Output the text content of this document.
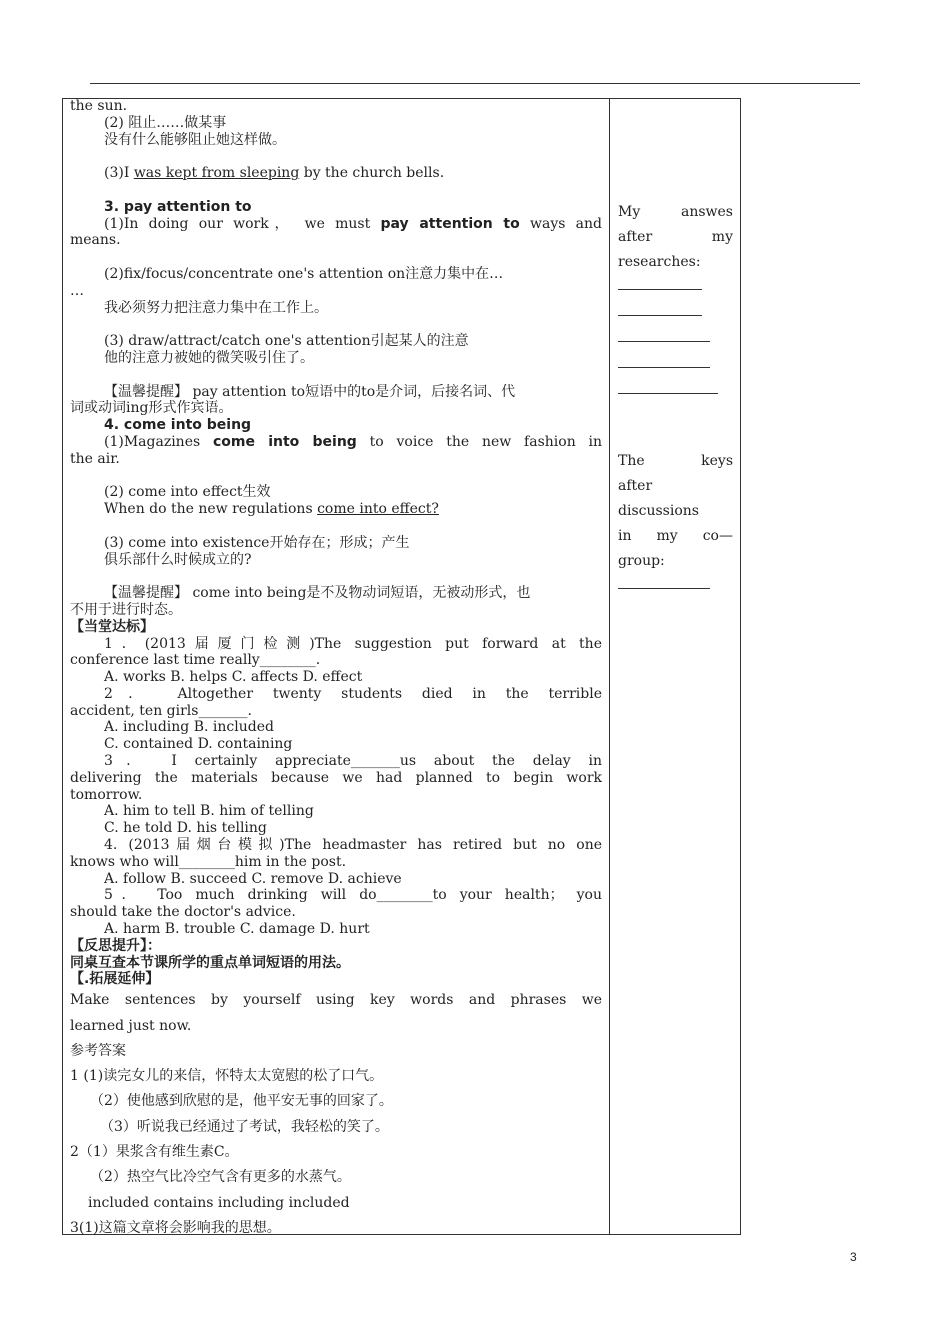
the sun.
(2) 阻止……做某事
没有什么能够阻止她这样做。
(3)I was kept from sleeping by the church bells.
3. pay attention to
(1)In doing our work， we must pay attention to ways and
means.
(2)fix/focus/concentrate one's attention on注意力集中在…
…
我必须努力把注意力集中在工作上。
(3) draw/attract/catch one's attention引起某人的注意
他的注意力被她的微笑吸引住了。
【温馨提醒】 pay attention to短语中的to是介词，后接名词、代
词或动词ing形式作宾语。
4. come into being
(1)Magazines come into being to voice the new fashion in
the air.
(2) come into effect生效
When do the new regulations come into effect?
(3) come into existence开始存在；形成；产生
俱乐部什么时候成立的?
【温馨提醒】 come into being是不及物动词短语，无被动形式，也
不用于进行时态。
【当堂达标】
1．(2013届厦门检测)The suggestion put forward at the
conference last time really________.
A. works B. helps C. affects D. effect
2． Altogether twenty students died in the terrible
accident, ten girls_______.
A. including B. included
C. contained D. containing
3． I certainly appreciate_______us about the delay in
delivering the materials because we had planned to begin work
tomorrow.
A. him to tell B. him of telling
C. he told D. his telling
4. (2013届烟台模拟)The headmaster has retired but no one
knows who will________him in the post.
A. follow B. succeed C. remove D. achieve
5． Too much drinking will do________to your health； you
should take the doctor's advice.
A. harm B. trouble C. damage D. hurt
【反思提升】：
同桌互查本节课所学的重点单词短语的用法。
【.拓展延伸】
Make sentences by yourself using key words and phrases we
learned just now.
参考答案
1 (1)读完女儿的来信，怀特太太宽慰的松了口气。
（2）使他感到欣慰的是，他平安无事的回家了。
（3）听说我已经通过了考试，我轻松的笑了。
2（1）果浆含有维生素C。
（2）热空气比冷空气含有更多的水蒸气。
included contains including included
3(1)这篇文章将会影响我的思想。
My answes
after my
researches:
The keys
after
discussions
in my co—
group:
3
